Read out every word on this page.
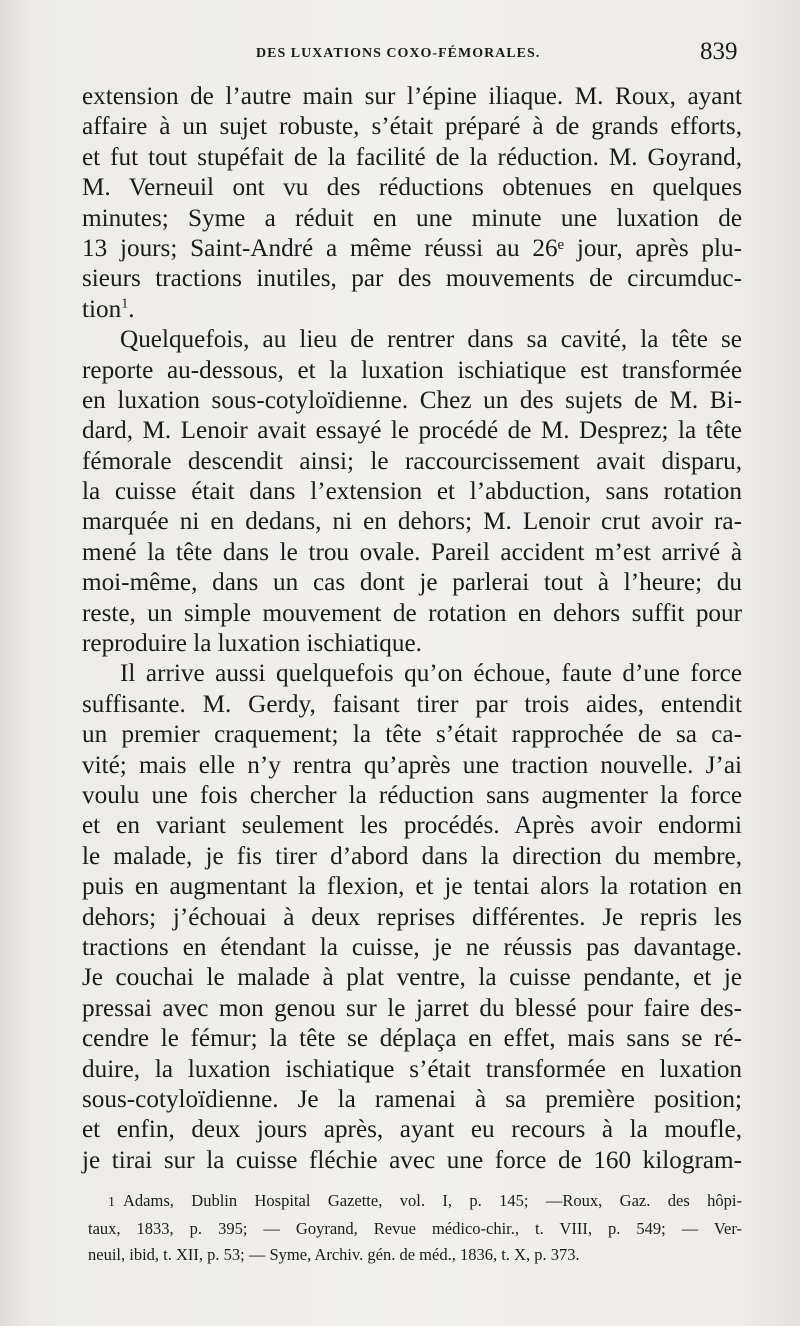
DES LUXATIONS COXO-FÉMORALES.	839
extension de l’autre main sur l’épine iliaque. M. Roux, ayant
affaire à un sujet robuste, s’était préparé à de grands efforts,
et fut tout stupéfait de la facilité de la réduction. M. Goyrand,
M. Verneuil ont vu des réductions obtenues en quelques
minutes; Syme a réduit en une minute une luxation de
13 jours; Saint-André a même réussi au 26ᵉ jour, après plu-
sieurs tractions inutiles, par des mouvements de circumduc-
tion$^1$.
Quelquefois, au lieu de rentrer dans sa cavité, la tête se
reporte au-dessous, et la luxation ischiatique est transformée
en luxation sous-cotyloïdienne. Chez un des sujets de M. Bi-
dard, M. Lenoir avait essayé le procédé de M. Desprez; la tête
fémorale descendit ainsi; le raccourcissement avait disparu,
la cuisse était dans l’extension et l’abduction, sans rotation
marquée ni en dedans, ni en dehors; M. Lenoir crut avoir ra-
mené la tête dans le trou ovale. Pareil accident m’est arrivé à
moi-même, dans un cas dont je parlerai tout à l’heure; du
reste, un simple mouvement de rotation en dehors suffit pour
reproduire la luxation ischiatique.
Il arrive aussi quelquefois qu’on échoue, faute d’une force
suffisante. M. Gerdy, faisant tirer par trois aides, entendit
un premier craquement; la tête s’était rapprochée de sa ca-
vité; mais elle n’y rentra qu’après une traction nouvelle. J’ai
voulu une fois chercher la réduction sans augmenter la force
et en variant seulement les procédés. Après avoir endormi
le malade, je fis tirer d’abord dans la direction du membre,
puis en augmentant la flexion, et je tentai alors la rotation en
dehors; j’échouai à deux reprises différentes. Je repris les
tractions en étendant la cuisse, je ne réussis pas davantage.
Je couchai le malade à plat ventre, la cuisse pendante, et je
pressai avec mon genou sur le jarret du blessé pour faire des-
cendre le fémur; la tête se déplaça en effet, mais sans se ré-
duire, la luxation ischiatique s’était transformée en luxation
sous-cotyloïdienne. Je la ramenai à sa première position;
et enfin, deux jours après, ayant eu recours à la moufle,
je tirai sur la cuisse fléchie avec une force de 160 kilogram-
1 Adams, Dublin Hospital Gazette, vol. I, p. 145; —Roux, Gaz. des hôpi-
taux, 1833, p. 395; — Goyrand, Revue médico-chir., t. VIII, p. 549; — Ver-
neuil, ibid, t. XII, p. 53; — Syme, Archiv. gén. de méd., 1836, t. X, p. 373.
